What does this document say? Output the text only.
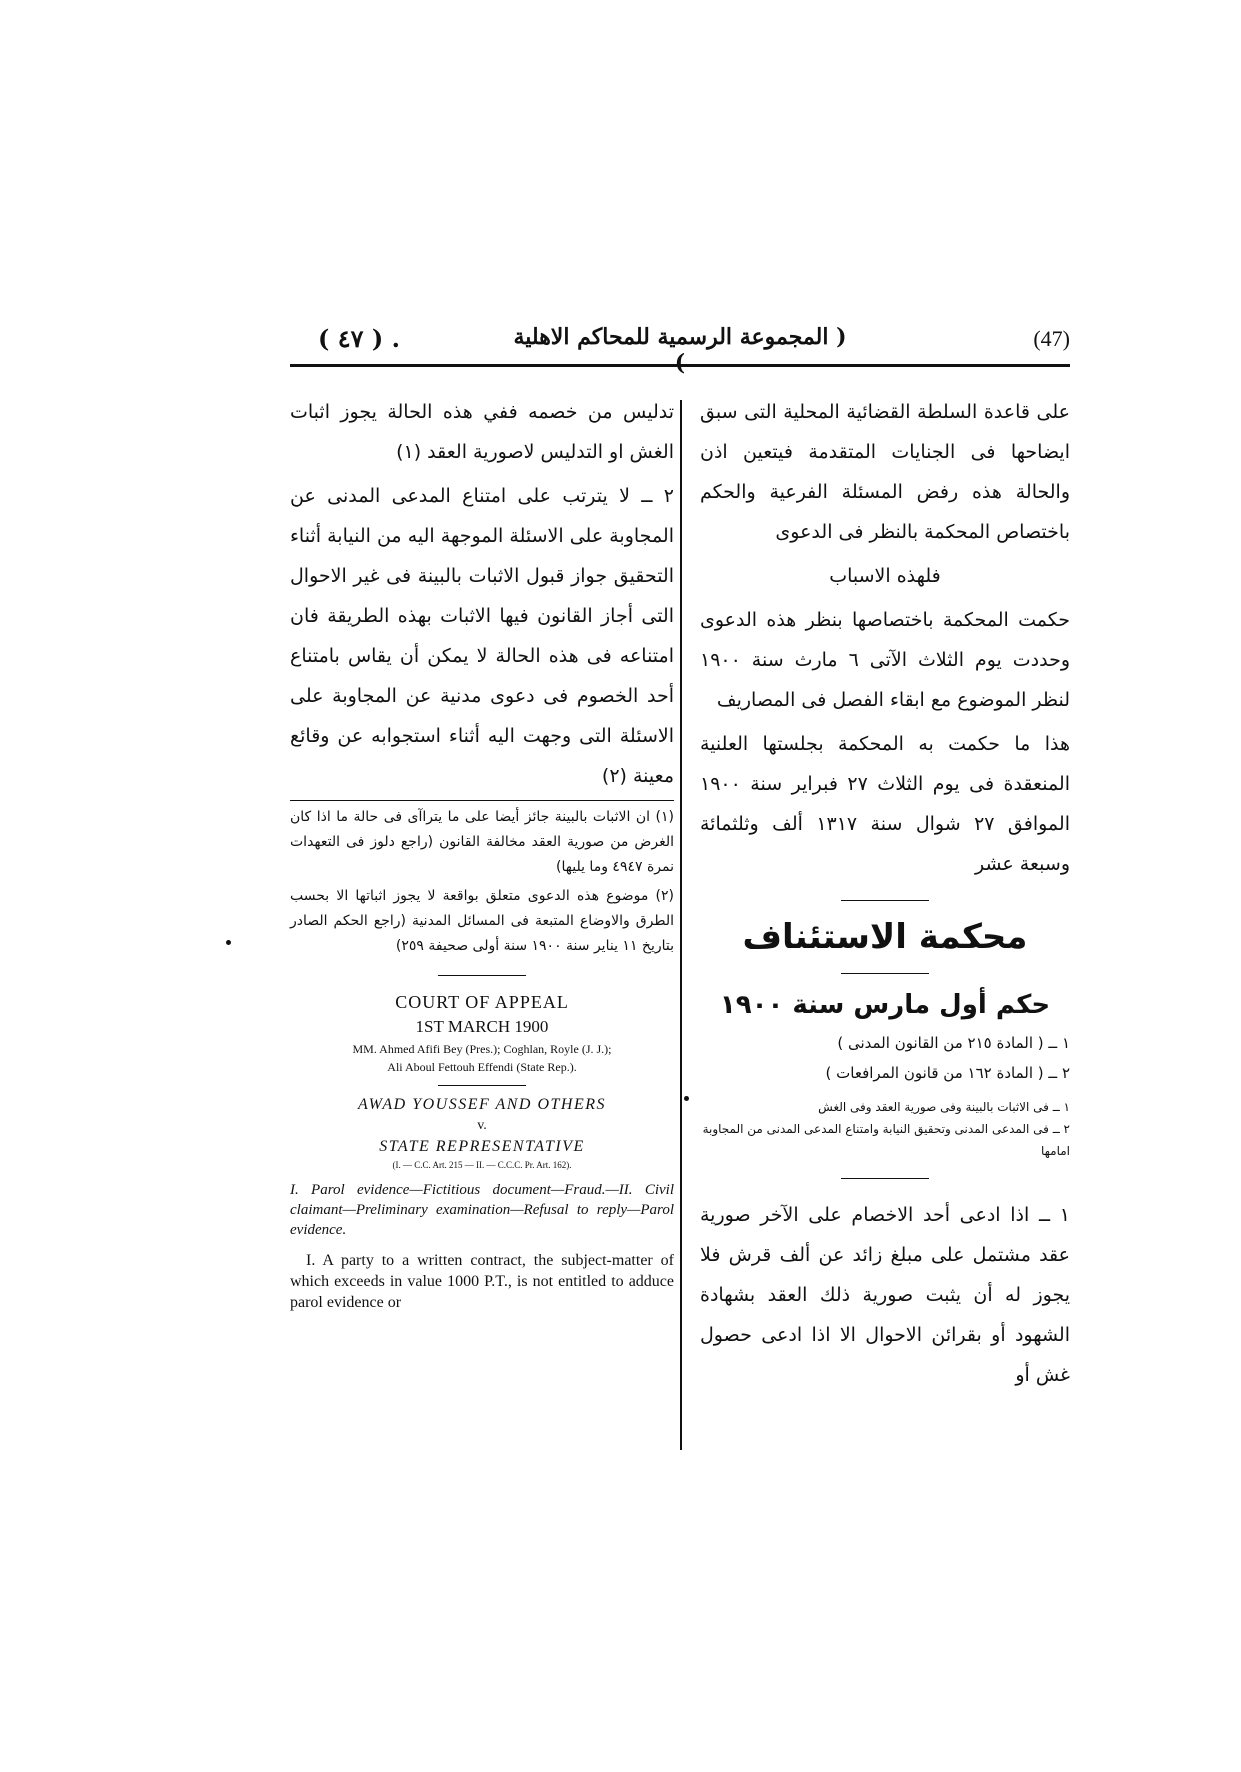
. ( ٤٧ )	( المجموعة الرسمية للمحاكم الاهلية )
(47)

تدليس من خصمه ففي هذه الحالة يجوز اثبات الغش او التدليس لاصورية العقد (١)

٢ ــ لا يترتب على امتناع المدعى المدنى عن المجاوبة على الاسئلة الموجهة اليه من النيابة أثناء التحقيق جواز قبول الاثبات بالبينة فى غير الاحوال التى أجاز القانون فيها الاثبات بهذه الطريقة فان امتناعه فى هذه الحالة لا يمكن أن يقاس بامتناع أحد الخصوم فى دعوى مدنية عن المجاوبة على الاسئلة التى وجهت اليه أثناء استجوابه عن وقائع معينة (٢)

(١) ان الاثبات بالبينة جائز أيضا على ما يتراآى فى حالة ما اذا كان الغرض من صورية العقد مخالفة القانون (راجع دلوز فى التعهدات نمرة ٤٩٤٧ وما يليها)

(٢) موضوع هذه الدعوى متعلق بواقعة لا يجوز اثباتها الا بحسب الطرق والاوضاع المتبعة فى المسائل المدنية (راجع الحكم الصادر بتاريخ ١١ يناير سنة ١٩٠٠ سنة أولى صحيفة ٢٥٩)

COURT OF APPEAL
1ST MARCH 1900
MM. Ahmed Afifi Bey (Pres.); Coghlan, Royle (J. J.);
Ali Aboul Fettouh Effendi (State Rep.).
AWAD YOUSSEF AND OTHERS
v.
STATE REPRESENTATIVE
(I. — C.C. Art. 215 — II. — C.C.C. Pr. Art. 162).

I. Parol evidence—Fictitious document—Fraud.—II. Civil claimant—Preliminary examination—Refusal to reply—Parol evidence.

I. A party to a written contract, the subject-matter of which exceeds in value 1000 P.T., is not entitled to adduce parol evidence or

على قاعدة السلطة القضائية المحلية التى سبق ايضاحها فى الجنايات المتقدمة فيتعين اذن والحالة هذه رفض المسئلة الفرعية والحكم باختصاص المحكمة بالنظر فى الدعوى

فلهذه الاسباب

حكمت المحكمة باختصاصها بنظر هذه الدعوى وحددت يوم الثلاث الآتى ٦ مارث سنة ١٩٠٠ لنظر الموضوع مع ابقاء الفصل فى المصاريف

هذا ما حكمت به المحكمة بجلستها العلنية المنعقدة فى يوم الثلاث ٢٧ فبراير سنة ١٩٠٠ الموافق ٢٧ شوال سنة ١٣١٧ ألف وثلثمائة وسبعة عشر

محكمة الاستئناف
حكم أول مارس سنة ١٩٠٠
١ ــ ( المادة ٢١٥ من القانون المدنى )
٢ ــ ( المادة ١٦٢ من قانون المرافعات )
١ ــ فى الاثبات بالبينة وفى صورية العقد وفى الغش
٢ ــ فى المدعى المدنى وتحقيق النيابة وامتناع المدعى المدنى من المجاوبة امامها

١ ــ اذا ادعى أحد الاخصام على الآخر صورية عقد مشتمل على مبلغ زائد عن ألف قرش فلا يجوز له أن يثبت صورية ذلك العقد بشهادة الشهود أو بقرائن الاحوال الا اذا ادعى حصول غش أو
